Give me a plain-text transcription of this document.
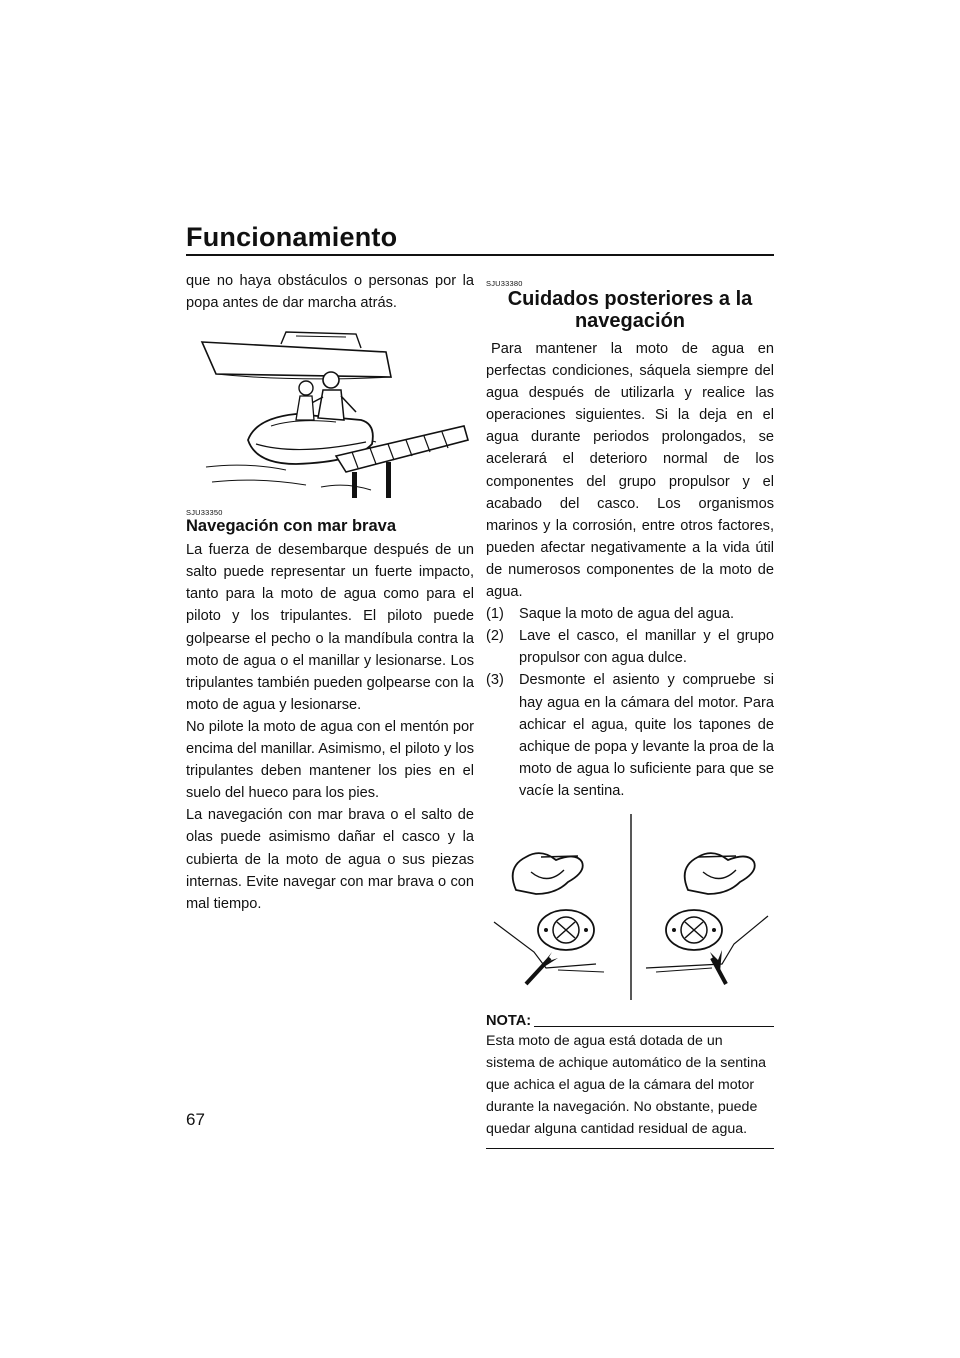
Funcionamiento

que no haya obstáculos o personas por la popa antes de dar marcha atrás.

SJU33350
Navegación con mar brava

La fuerza de desembarque después de un salto puede representar un fuerte impacto, tanto para la moto de agua como para el piloto y los tripulantes. El piloto puede golpearse el pecho o la mandíbula contra la moto de agua o el manillar y lesionarse. Los tripulantes también pueden golpearse con la moto de agua y lesionarse.

No pilote la moto de agua con el mentón por encima del manillar. Asimismo, el piloto y los tripulantes deben mantener los pies en el suelo del hueco para los pies.

La navegación con mar brava o el salto de olas puede asimismo dañar el casco y la cubierta de la moto de agua o sus piezas internas. Evite navegar con mar brava o con mal tiempo.

SJU33380
Cuidados posteriores a la
navegación

Para mantener la moto de agua en perfectas condiciones, sáquela siempre del agua después de utilizarla y realice las operaciones siguientes. Si la deja en el agua durante periodos prolongados, se acelerará el deterioro normal de los componentes del grupo propulsor y el acabado del casco. Los organismos marinos y la corrosión, entre otros factores, pueden afectar negativamente a la vida útil de numerosos componentes de la moto de agua.

(1) Saque la moto de agua del agua.
(2) Lave el casco, el manillar y el grupo propulsor con agua dulce.
(3) Desmonte el asiento y compruebe si hay agua en la cámara del motor. Para achicar el agua, quite los tapones de achique de popa y levante la proa de la moto de agua lo suficiente para que se vacíe la sentina.
NOTA:

Esta moto de agua está dotada de un sistema de achique automático de la sentina que achica el agua de la cámara del motor durante la navegación. No obstante, puede quedar alguna cantidad residual de agua.

67
